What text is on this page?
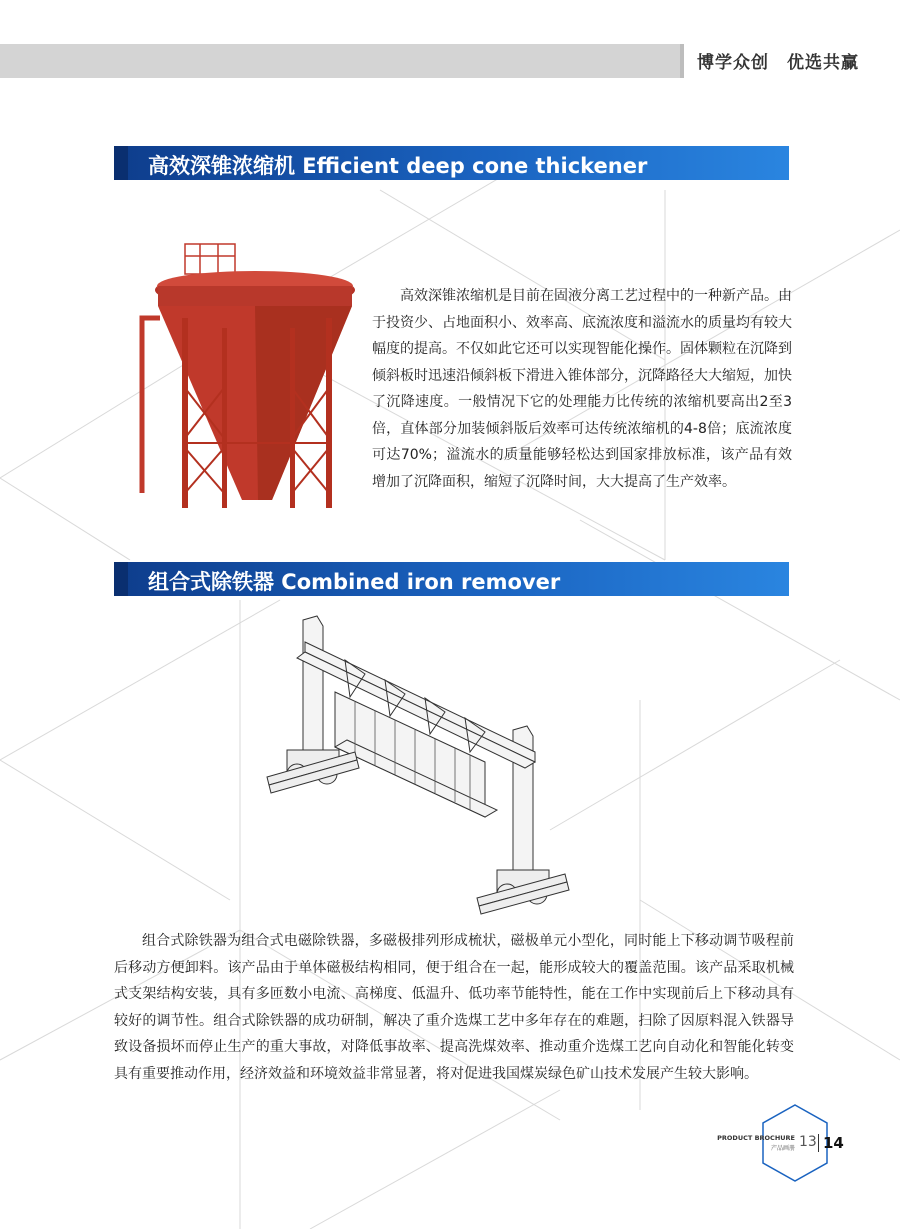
博学众创　优选共赢
高效深锥浓缩机 Efficient deep cone thickener

高效深锥浓缩机是目前在固液分离工艺过程中的一种新产品。由于投资少、占地面积小、效率高、底流浓度和溢流水的质量均有较大幅度的提高。不仅如此它还可以实现智能化操作。固体颗粒在沉降到倾斜板时迅速沿倾斜板下滑进入锥体部分，沉降路径大大缩短，加快了沉降速度。一般情况下它的处理能力比传统的浓缩机要高出2至3倍，直体部分加装倾斜版后效率可达传统浓缩机的4-8倍；底流浓度可达70%；溢流水的质量能够轻松达到国家排放标准，该产品有效增加了沉降面积，缩短了沉降时间，大大提高了生产效率。

组合式除铁器 Combined iron remover

组合式除铁器为组合式电磁除铁器，多磁极排列形成梳状，磁极单元小型化，同时能上下移动调节吸程前后移动方便卸料。该产品由于单体磁极结构相同，便于组合在一起，能形成较大的覆盖范围。该产品采取机械式支架结构安装，具有多匝数小电流、高梯度、低温升、低功率节能特性，能在工作中实现前后上下移动具有较好的调节性。组合式除铁器的成功研制，解决了重介选煤工艺中多年存在的难题，扫除了因原料混入铁器导致设备损坏而停止生产的重大事故，对降低事故率、提高洗煤效率、推动重介选煤工艺向自动化和智能化转变具有重要推动作用，经济效益和环境效益非常显著，将对促进我国煤炭绿色矿山技术发展产生较大影响。

PRODUCT BROCHURE
产品画册 13 14
